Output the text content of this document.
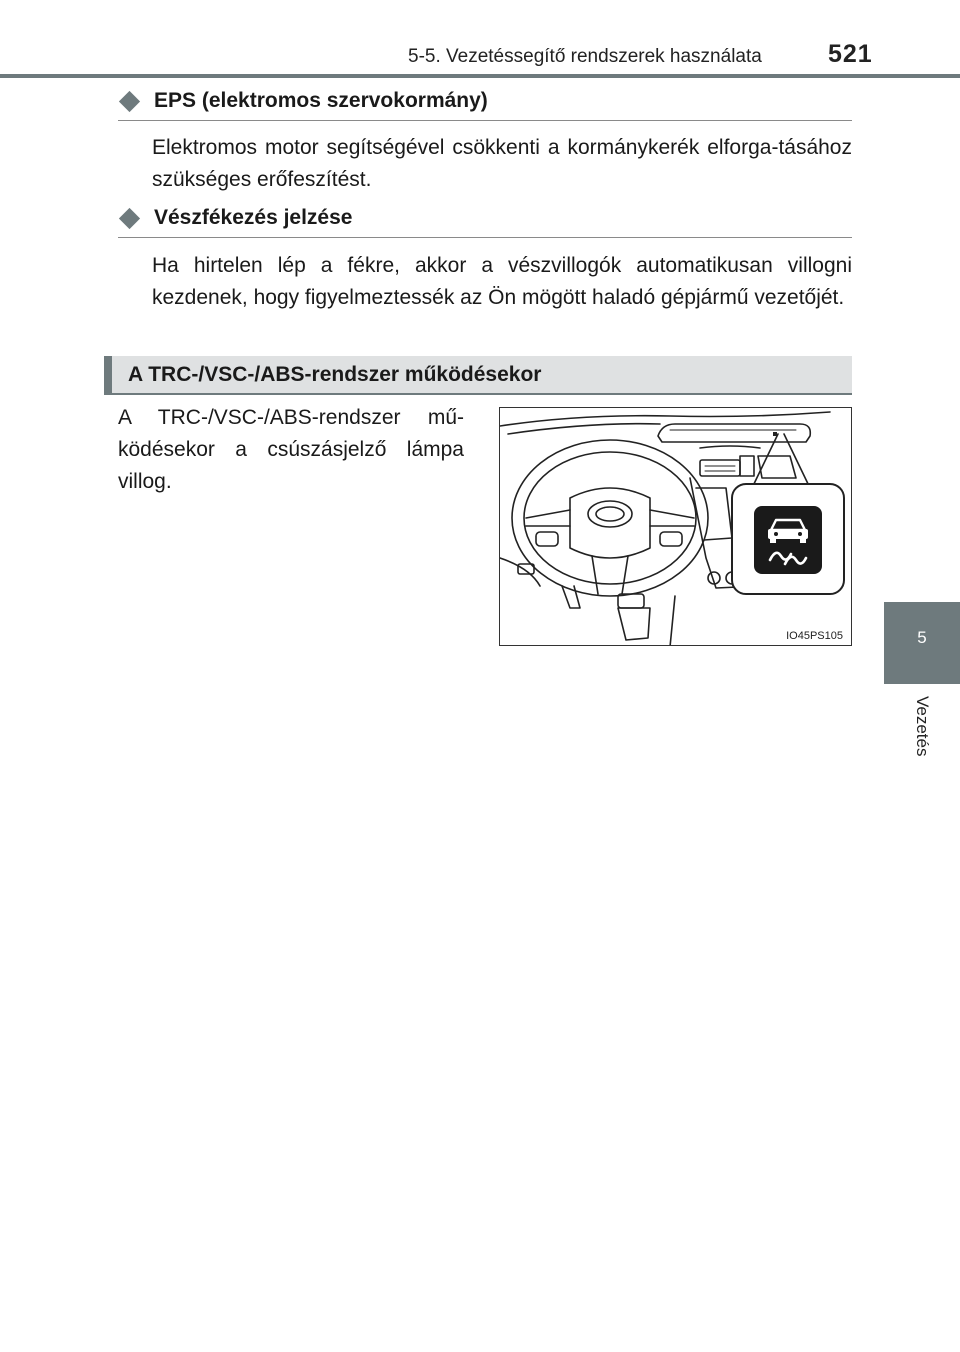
5-5. Vezetéssegítő rendszerek használata	521
5
Vezetés
EPS (elektromos szervokormány)
Elektromos motor segítségével csökkenti a kormánykerék elforga-tásához szükséges erőfeszítést.
Vészfékezés jelzése
Ha hirtelen lép a fékre, akkor a vészvillogók automatikusan villogni kezdenek, hogy figyelmeztessék az Ön mögött haladó gépjármű vezetőjét.
A TRC-/VSC-/ABS-rendszer működésekor
A TRC-/VSC-/ABS-rendszer mű-ködésekor a csúszásjelző lámpa villog.
IO45PS105
